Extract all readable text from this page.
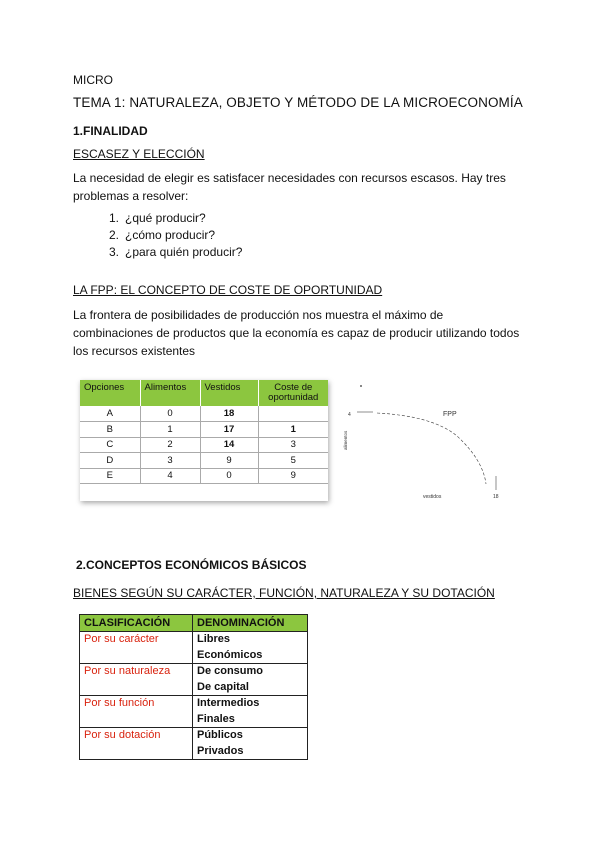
MICRO
TEMA 1: NATURALEZA, OBJETO Y MÉTODO DE LA MICROECONOMÍA
1.FINALIDAD
ESCASEZ Y ELECCIÓN
La necesidad de elegir es satisfacer necesidades con recursos escasos. Hay tres
problemas a resolver:
1. ¿qué producir?
2. ¿cómo producir?
3. ¿para quién producir?
LA FPP: EL CONCEPTO DE COSTE DE OPORTUNIDAD
La frontera de posibilidades de producción nos muestra el máximo de
combinaciones de productos que la economía es capaz de producir utilizando todos
los recursos existentes
Opciones	Alimentos	Vestidos	Coste de oportunidad
A	0	18	
B	1	17	1
C	2	14	3
D	3	9	5
E	4	0	9
4
alimentos
FPP
vestidos	18
2.CONCEPTOS ECONÓMICOS BÁSICOS
BIENES SEGÚN SU CARÁCTER, FUNCIÓN, NATURALEZA Y SU DOTACIÓN
CLASIFICACIÓN	DENOMINACIÓN
Por su carácter	Libres
Económicos

Por su naturaleza	De consumo
De capital

Por su función	Intermedios
Finales

Por su dotación	Públicos
Privados
